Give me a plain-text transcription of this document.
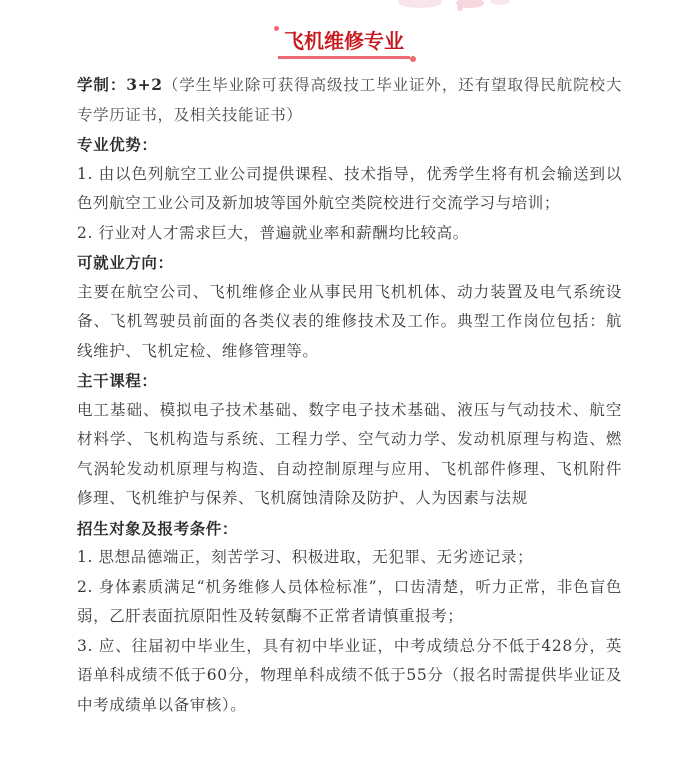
飞机维修专业

学制：3+2（学生毕业除可获得高级技工毕业证外，还有望取得民航院校大专学历证书，及相关技能证书）

专业优势：

1. 由以色列航空工业公司提供课程、技术指导，优秀学生将有机会输送到以色列航空工业公司及新加坡等国外航空类院校进行交流学习与培训；

2. 行业对人才需求巨大，普遍就业率和薪酬均比较高。

可就业方向：

主要在航空公司、飞机维修企业从事民用飞机机体、动力装置及电气系统设备、飞机驾驶员前面的各类仪表的维修技术及工作。典型工作岗位包括：航线维护、飞机定检、维修管理等。

主干课程：

电工基础、模拟电子技术基础、数字电子技术基础、液压与气动技术、航空材料学、飞机构造与系统、工程力学、空气动力学、发动机原理与构造、燃气涡轮发动机原理与构造、自动控制原理与应用、飞机部件修理、飞机附件修理、飞机维护与保养、飞机腐蚀清除及防护、人为因素与法规

招生对象及报考条件：

1. 思想品德端正，刻苦学习、积极进取，无犯罪、无劣迹记录；

2. 身体素质满足“机务维修人员体检标准”，口齿清楚，听力正常，非色盲色弱，乙肝表面抗原阳性及转氨酶不正常者请慎重报考；

3. 应、往届初中毕业生，具有初中毕业证，中考成绩总分不低于428分，英语单科成绩不低于60分，物理单科成绩不低于55分（报名时需提供毕业证及中考成绩单以备审核）。
